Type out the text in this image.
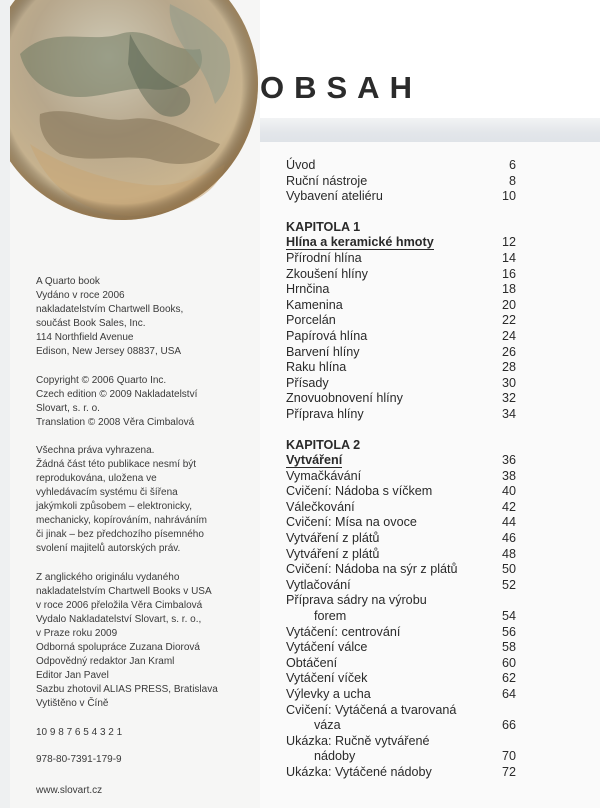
OBSAH

A Quarto book

Vydáno v roce 2006

nakladatelstvím Chartwell Books,

součást Book Sales, Inc.

114 Northfield Avenue

Edison, New Jersey 08837, USA

Copyright © 2006 Quarto Inc.

Czech edition © 2009 Nakladatelství

Slovart, s. r. o.

Translation © 2008 Věra Cimbalová

Všechna práva vyhrazena.

Žádná část této publikace nesmí být

reprodukována, uložena ve

vyhledávacím systému či šířena

jakýmkoli způsobem – elektronicky,

mechanicky, kopírováním, nahráváním

či jinak – bez předchozího písemného

svolení majitelů autorských práv.

Z anglického originálu vydaného

nakladatelstvím Chartwell Books v USA

v roce 2006 přeložila Věra Cimbalová

Vydalo Nakladatelství Slovart, s. r. o.,

v Praze roku 2009

Odborná spolupráce Zuzana Diorová

Odpovědný redaktor Jan Kraml

Editor Jan Pavel

Sazbu zhotovil ALIAS PRESS, Bratislava

Vytištěno v Číně

10 9 8 7 6 5 4 3 2 1
978-80-7391-179-9
www.slovart.cz
Úvod	6
Ruční nástroje	8
Vybavení ateliéru	10
KAPITOLA 1
Hlína a keramické hmoty	12
Přírodní hlína	14
Zkoušení hlíny	16
Hrnčina	18
Kamenina	20
Porcelán	22
Papírová hlína	24
Barvení hlíny	26
Raku hlína	28
Přísady	30
Znovuobnovení hlíny	32
Příprava hlíny	34
KAPITOLA 2
Vytváření	36
Vymačkávání	38
Cvičení: Nádoba s víčkem	40
Válečkování	42
Cvičení: Mísa na ovoce	44
Vytváření z plátů	46
Vytváření z plátů	48
Cvičení: Nádoba na sýr z plátů	50
Vytlačování	52
Příprava sádry na výrobu
forem	54
Vytáčení: centrování	56
Vytáčení válce	58
Obtáčení	60
Vytáčení víček	62
Výlevky a ucha	64
Cvičení: Vytáčená a tvarovaná
váza	66
Ukázka: Ručně vytvářené
nádoby	70
Ukázka: Vytáčené nádoby	72
